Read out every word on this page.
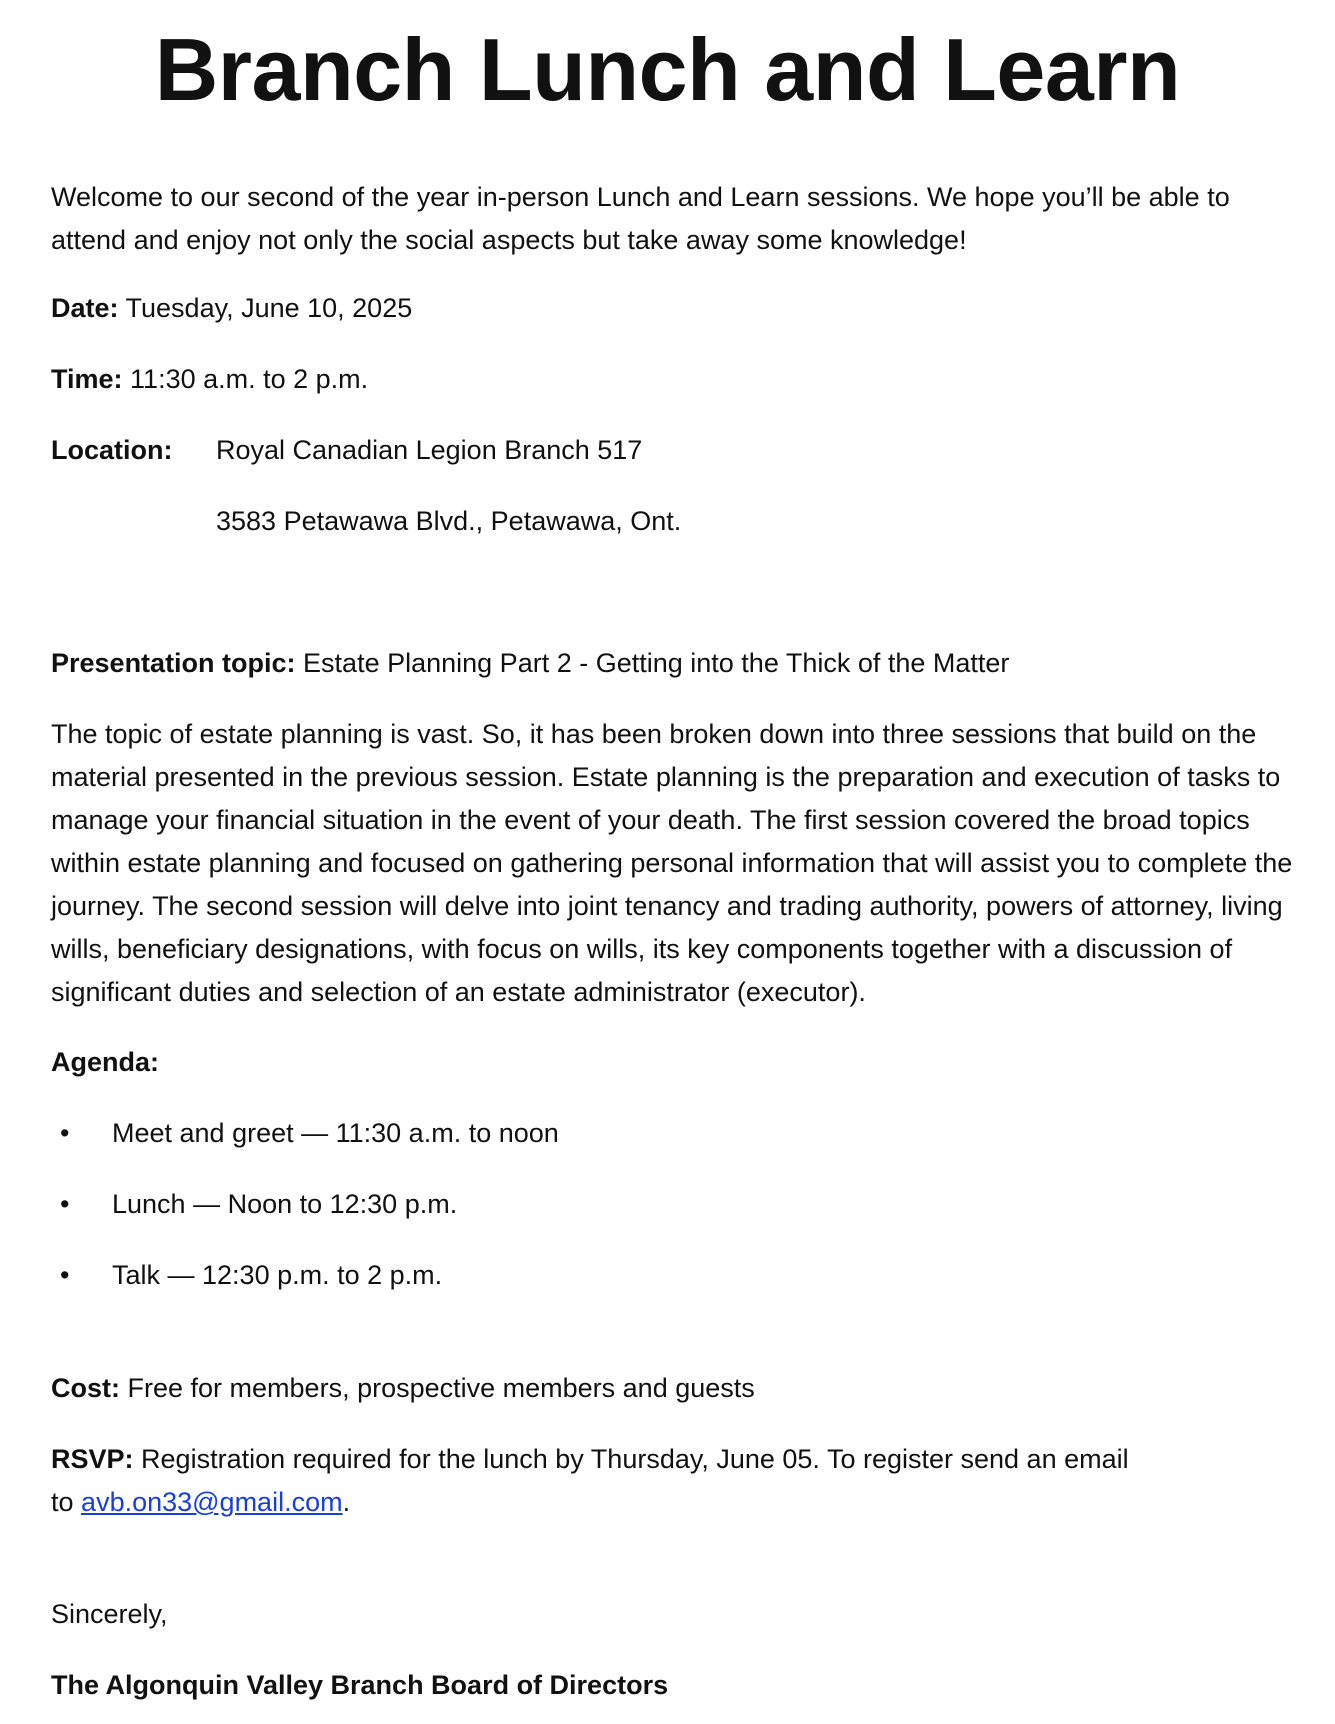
Branch Lunch and Learn
Welcome to our second of the year in-person Lunch and Learn sessions. We hope you’ll be able to attend and enjoy not only the social aspects but take away some knowledge!
Date: Tuesday, June 10, 2025
Time: 11:30 a.m. to 2 p.m.
Location: Royal Canadian Legion Branch 517
3583 Petawawa Blvd., Petawawa, Ont.
Presentation topic: Estate Planning Part 2 - Getting into the Thick of the Matter
The topic of estate planning is vast. So, it has been broken down into three sessions that build on the material presented in the previous session. Estate planning is the preparation and execution of tasks to manage your financial situation in the event of your death. The first session covered the broad topics within estate planning and focused on gathering personal information that will assist you to complete the journey. The second session will delve into joint tenancy and trading authority, powers of attorney, living wills, beneficiary designations, with focus on wills, its key components together with a discussion of significant duties and selection of an estate administrator (executor).
Agenda:
•	Meet and greet — 11:30 a.m. to noon
•	Lunch — Noon to 12:30 p.m.
•	Talk — 12:30 p.m. to 2 p.m.
Cost: Free for members, prospective members and guests
RSVP: Registration required for the lunch by Thursday, June 05. To register send an email
to avb.on33@gmail.com.
Sincerely,
The Algonquin Valley Branch Board of Directors
